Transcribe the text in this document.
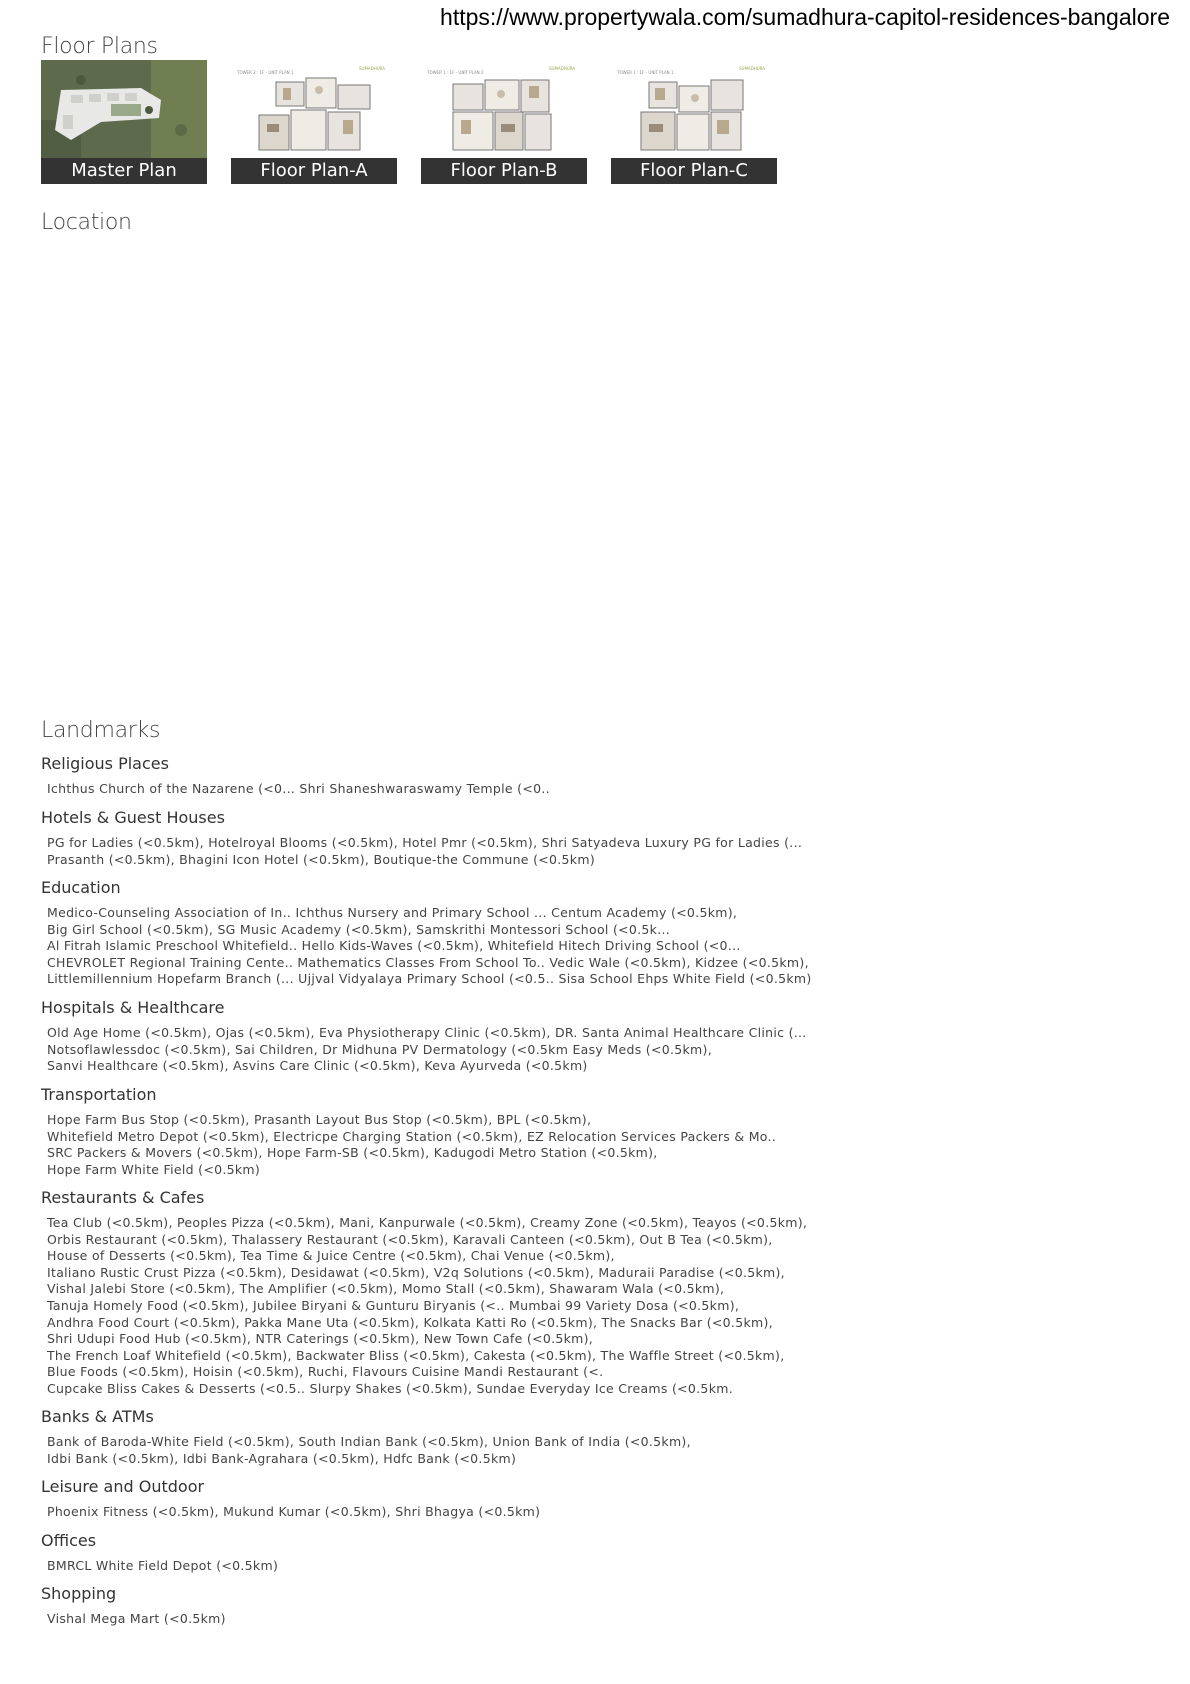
https://www.propertywala.com/sumadhura-capitol-residences-bangalore
Floor Plans
Master Plan
TOWER 2 : 1F - UNIT PLAN 1
SUMADHURA
Floor Plan-A
TOWER 1 : 1F - UNIT PLAN 2
SUMADHURA
Floor Plan-B
TOWER 1 : 1F - UNIT PLAN 1
SUMADHURA
Floor Plan-C
Location
Landmarks
Religious Places
Ichthus Church of the Nazarene (<0... Shri Shaneshwaraswamy Temple (<0..
Hotels & Guest Houses
PG for Ladies (<0.5km), Hotelroyal Blooms (<0.5km), Hotel Pmr (<0.5km), Shri Satyadeva Luxury PG for Ladies (...
Prasanth (<0.5km), Bhagini Icon Hotel (<0.5km), Boutique-the Commune (<0.5km)
Education
Medico-Counseling Association of In.. Ichthus Nursery and Primary School ... Centum Academy (<0.5km),
Big Girl School (<0.5km), SG Music Academy (<0.5km), Samskrithi Montessori School (<0.5k...
Al Fitrah Islamic Preschool Whitefield.. Hello Kids-Waves (<0.5km), Whitefield Hitech Driving School (<0...
CHEVROLET Regional Training Cente.. Mathematics Classes From School To.. Vedic Wale (<0.5km), Kidzee (<0.5km),
Littlemillennium Hopefarm Branch (... Ujjval Vidyalaya Primary School (<0.5.. Sisa School Ehps White Field (<0.5km)
Hospitals & Healthcare
Old Age Home (<0.5km), Ojas (<0.5km), Eva Physiotherapy Clinic (<0.5km), DR. Santa Animal Healthcare Clinic (...
Notsoflawlessdoc (<0.5km), Sai Children, Dr Midhuna PV Dermatology (<0.5km Easy Meds (<0.5km),
Sanvi Healthcare (<0.5km), Asvins Care Clinic (<0.5km), Keva Ayurveda (<0.5km)
Transportation
Hope Farm Bus Stop (<0.5km), Prasanth Layout Bus Stop (<0.5km), BPL (<0.5km),
Whitefield Metro Depot (<0.5km), Electricpe Charging Station (<0.5km), EZ Relocation Services Packers & Mo..
SRC Packers & Movers (<0.5km), Hope Farm-SB (<0.5km), Kadugodi Metro Station (<0.5km),
Hope Farm White Field (<0.5km)
Restaurants & Cafes
Tea Club (<0.5km), Peoples Pizza (<0.5km), Mani, Kanpurwale (<0.5km), Creamy Zone (<0.5km), Teayos (<0.5km),
Orbis Restaurant (<0.5km), Thalassery Restaurant (<0.5km), Karavali Canteen (<0.5km), Out B Tea (<0.5km),
House of Desserts (<0.5km), Tea Time & Juice Centre (<0.5km), Chai Venue (<0.5km),
Italiano Rustic Crust Pizza (<0.5km), Desidawat (<0.5km), V2q Solutions (<0.5km), Maduraii Paradise (<0.5km),
Vishal Jalebi Store (<0.5km), The Amplifier (<0.5km), Momo Stall (<0.5km), Shawaram Wala (<0.5km),
Tanuja Homely Food (<0.5km), Jubilee Biryani & Gunturu Biryanis (<.. Mumbai 99 Variety Dosa (<0.5km),
Andhra Food Court (<0.5km), Pakka Mane Uta (<0.5km), Kolkata Katti Ro (<0.5km), The Snacks Bar (<0.5km),
Shri Udupi Food Hub (<0.5km), NTR Caterings (<0.5km), New Town Cafe (<0.5km),
The French Loaf Whitefield (<0.5km), Backwater Bliss (<0.5km), Cakesta (<0.5km), The Waffle Street (<0.5km),
Blue Foods (<0.5km), Hoisin (<0.5km), Ruchi, Flavours Cuisine Mandi Restaurant (<.
Cupcake Bliss Cakes & Desserts (<0.5.. Slurpy Shakes (<0.5km), Sundae Everyday Ice Creams (<0.5km.
Banks & ATMs
Bank of Baroda-White Field (<0.5km), South Indian Bank (<0.5km), Union Bank of India (<0.5km),
Idbi Bank (<0.5km), Idbi Bank-Agrahara (<0.5km), Hdfc Bank (<0.5km)
Leisure and Outdoor
Phoenix Fitness (<0.5km), Mukund Kumar (<0.5km), Shri Bhagya (<0.5km)
Offices
BMRCL White Field Depot (<0.5km)
Shopping
Vishal Mega Mart (<0.5km)
